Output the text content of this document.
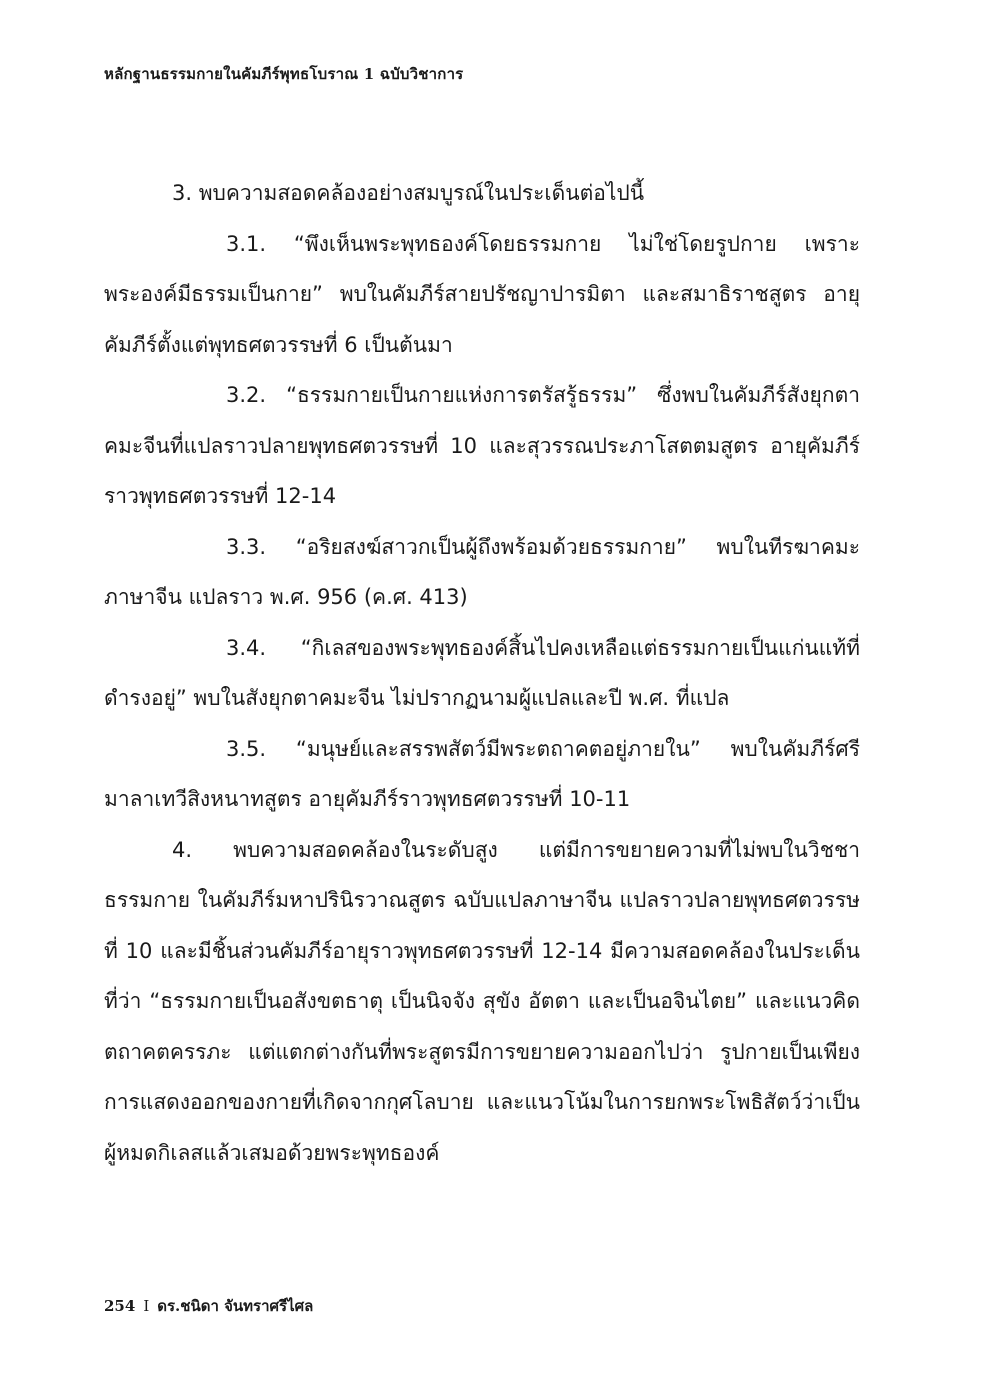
หลักฐานธรรมกายในคัมภีร์พุทธโบราณ 1 ฉบับวิชาการ

3. พบความสอดคล้องอย่างสมบูรณ์ในประเด็นต่อไปนี้

3.1. “พึงเห็นพระพุทธองค์โดยธรรมกาย ไม่ใช่โดยรูปกาย เพราะพระองค์มีธรรมเป็นกาย” พบในคัมภีร์สายปรัชญาปารมิตา และสมาธิราชสูตร อายุคัมภีร์ตั้งแต่พุทธศตวรรษที่ 6 เป็นต้นมา

3.2. “ธรรมกายเป็นกายแห่งการตรัสรู้ธรรม” ซึ่งพบในคัมภีร์สังยุกตาคมะจีนที่แปลราวปลายพุทธศตวรรษที่ 10 และสุวรรณประภาโสตตมสูตร อายุคัมภีร์ราวพุทธศตวรรษที่ 12-14

3.3. “อริยสงฆ์สาวกเป็นผู้ถึงพร้อมด้วยธรรมกาย” พบในทีรฆาคมะภาษาจีน แปลราว พ.ศ. 956 (ค.ศ. 413)

3.4. “กิเลสของพระพุทธองค์สิ้นไปคงเหลือแต่ธรรมกายเป็นแก่นแท้ที่ดำรงอยู่” พบในสังยุกตาคมะจีน ไม่ปรากฏนามผู้แปลและปี พ.ศ. ที่แปล

3.5. “มนุษย์และสรรพสัตว์มีพระตถาคตอยู่ภายใน” พบในคัมภีร์ศรีมาลาเทวีสิงหนาทสูตร อายุคัมภีร์ราวพุทธศตวรรษที่ 10-11

4. พบความสอดคล้องในระดับสูง แต่มีการขยายความที่ไม่พบในวิชชาธรรมกาย ในคัมภีร์มหาปรินิรวาณสูตร ฉบับแปลภาษาจีน แปลราวปลายพุทธศตวรรษที่ 10 และมีชิ้นส่วนคัมภีร์อายุราวพุทธศตวรรษที่ 12-14 มีความสอดคล้องในประเด็นที่ว่า “ธรรมกายเป็นอสังขตธาตุ เป็นนิจจัง สุขัง อัตตา และเป็นอจินไตย” และแนวคิดตถาคตครรภะ แต่แตกต่างกันที่พระสูตรมีการขยายความออกไปว่า รูปกายเป็นเพียงการแสดงออกของกายที่เกิดจากกุศโลบาย และแนวโน้มในการยกพระโพธิสัตว์ว่าเป็นผู้หมดกิเลสแล้วเสมอด้วยพระพุทธองค์

254 I ดร.ชนิดา จันทราศรีไศล
